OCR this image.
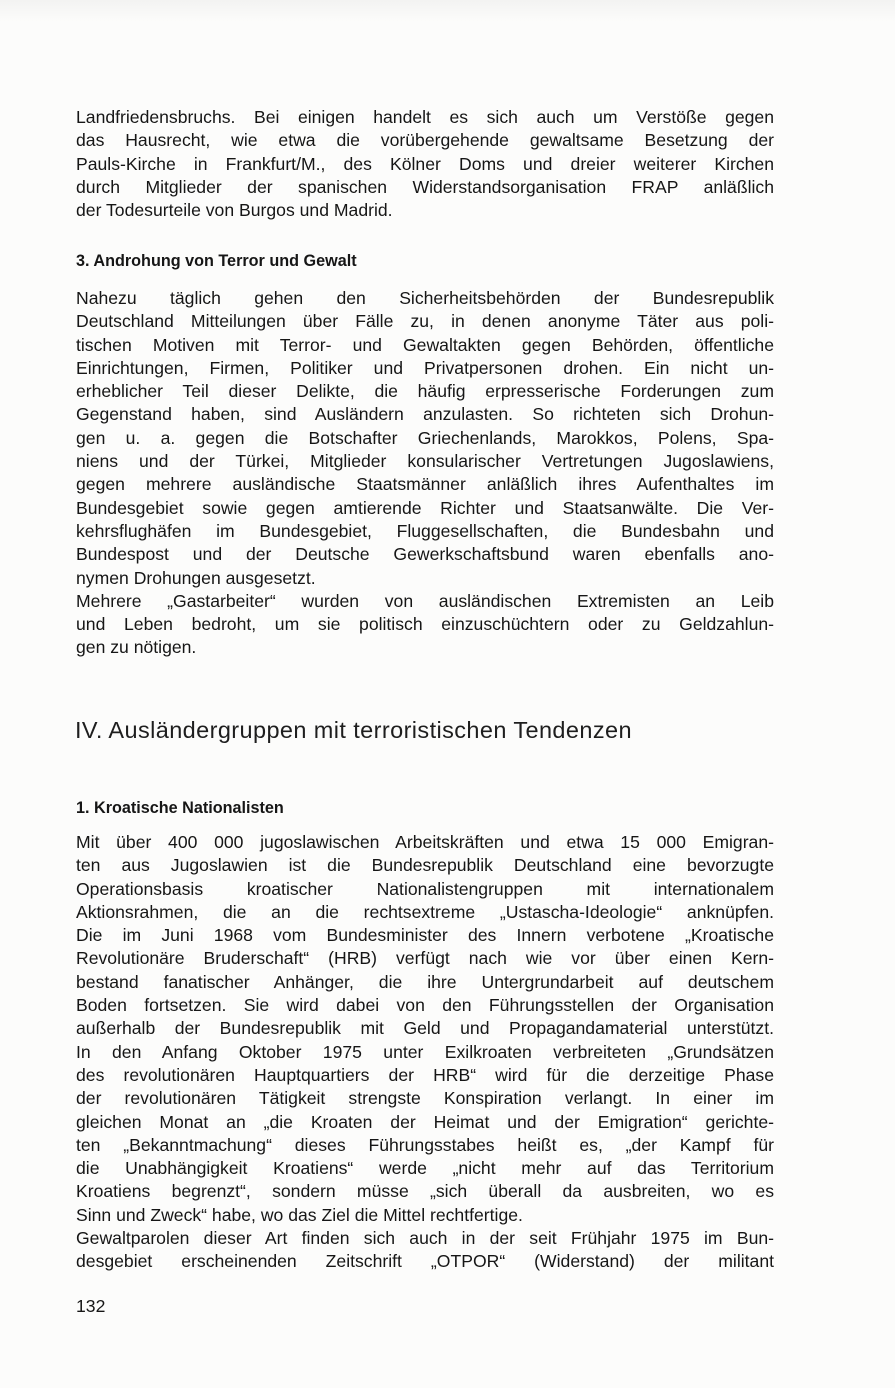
Landfriedensbruchs. Bei einigen handelt es sich auch um Verstöße gegen
das Hausrecht, wie etwa die vorübergehende gewaltsame Besetzung der
Pauls-Kirche in Frankfurt/M., des Kölner Doms und dreier weiterer Kirchen
durch Mitglieder der spanischen Widerstandsorganisation FRAP anläßlich
der Todesurteile von Burgos und Madrid.
3. Androhung von Terror und Gewalt
Nahezu täglich gehen den Sicherheitsbehörden der Bundesrepublik
Deutschland Mitteilungen über Fälle zu, in denen anonyme Täter aus poli-
tischen Motiven mit Terror- und Gewaltakten gegen Behörden, öffentliche
Einrichtungen, Firmen, Politiker und Privatpersonen drohen. Ein nicht un-
erheblicher Teil dieser Delikte, die häufig erpresserische Forderungen zum
Gegenstand haben, sind Ausländern anzulasten. So richteten sich Drohun-
gen u. a. gegen die Botschafter Griechenlands, Marokkos, Polens, Spa-
niens und der Türkei, Mitglieder konsularischer Vertretungen Jugoslawiens,
gegen mehrere ausländische Staatsmänner anläßlich ihres Aufenthaltes im
Bundesgebiet sowie gegen amtierende Richter und Staatsanwälte. Die Ver-
kehrsflughäfen im Bundesgebiet, Fluggesellschaften, die Bundesbahn und
Bundespost und der Deutsche Gewerkschaftsbund waren ebenfalls ano-
nymen Drohungen ausgesetzt.
Mehrere „Gastarbeiter“ wurden von ausländischen Extremisten an Leib
und Leben bedroht, um sie politisch einzuschüchtern oder zu Geldzahlun-
gen zu nötigen.
IV. Ausländergruppen mit terroristischen Tendenzen
1. Kroatische Nationalisten
Mit über 400 000 jugoslawischen Arbeitskräften und etwa 15 000 Emigran-
ten aus Jugoslawien ist die Bundesrepublik Deutschland eine bevorzugte
Operationsbasis kroatischer Nationalistengruppen mit internationalem
Aktionsrahmen, die an die rechtsextreme „Ustascha-Ideologie“ anknüpfen.
Die im Juni 1968 vom Bundesminister des Innern verbotene „Kroatische
Revolutionäre Bruderschaft“ (HRB) verfügt nach wie vor über einen Kern-
bestand fanatischer Anhänger, die ihre Untergrundarbeit auf deutschem
Boden fortsetzen. Sie wird dabei von den Führungsstellen der Organisation
außerhalb der Bundesrepublik mit Geld und Propagandamaterial unterstützt.
In den Anfang Oktober 1975 unter Exilkroaten verbreiteten „Grundsätzen
des revolutionären Hauptquartiers der HRB“ wird für die derzeitige Phase
der revolutionären Tätigkeit strengste Konspiration verlangt. In einer im
gleichen Monat an „die Kroaten der Heimat und der Emigration“ gerichte-
ten „Bekanntmachung“ dieses Führungsstabes heißt es, „der Kampf für
die Unabhängigkeit Kroatiens“ werde „nicht mehr auf das Territorium
Kroatiens begrenzt“, sondern müsse „sich überall da ausbreiten, wo es
Sinn und Zweck“ habe, wo das Ziel die Mittel rechtfertige.
Gewaltparolen dieser Art finden sich auch in der seit Frühjahr 1975 im Bun-
desgebiet erscheinenden Zeitschrift „OTPOR“ (Widerstand) der militant
132
